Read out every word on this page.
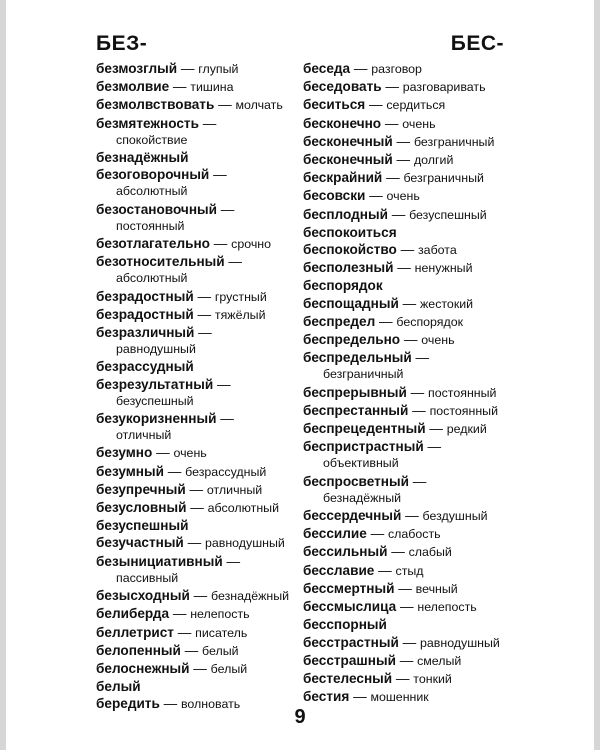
БЕЗ-	БЕС-
безмозглый — глупый
безмолвие — тишина
безмолвствовать — молчать
безмятежность —
спокойствие
безнадёжный
безоговорочный —
абсолютный
безостановочный —
постоянный
безотлагательно — срочно
безотносительный —
абсолютный
безрадостный — грустный
безрадостный — тяжёлый
безразличный —
равнодушный
безрассудный
безрезультатный —
безуспешный
безукоризненный —
отличный
безумно — очень
безумный — безрассудный
безупречный — отличный
безусловный — абсолютный
безуспешный
безучастный — равнодушный
безынициативный —
пассивный
безысходный — безнадёжный
белиберда — нелепость
беллетрист — писатель
белопенный — белый
белоснежный — белый
белый
бередить — волновать
беседа — разговор
беседовать — разговаривать
беситься — сердиться
бесконечно — очень
бесконечный — безграничный
бесконечный — долгий
бескрайний — безграничный
бесовски — очень
бесплодный — безуспешный
беспокоиться
беспокойство — забота
бесполезный — ненужный
беспорядок
беспощадный — жестокий
беспредел — беспорядок
беспредельно — очень
беспредельный —
безграничный
беспрерывный — постоянный
беспрестанный — постоянный
беспрецедентный — редкий
беспристрастный —
объективный
беспросветный —
безнадёжный
бессердечный — бездушный
бессилие — слабость
бессильный — слабый
бесславие — стыд
бессмертный — вечный
бессмыслица — нелепость
бесспорный
бесстрастный — равнодушный
бесстрашный — смелый
бестелесный — тонкий
бестия — мошенник
9
